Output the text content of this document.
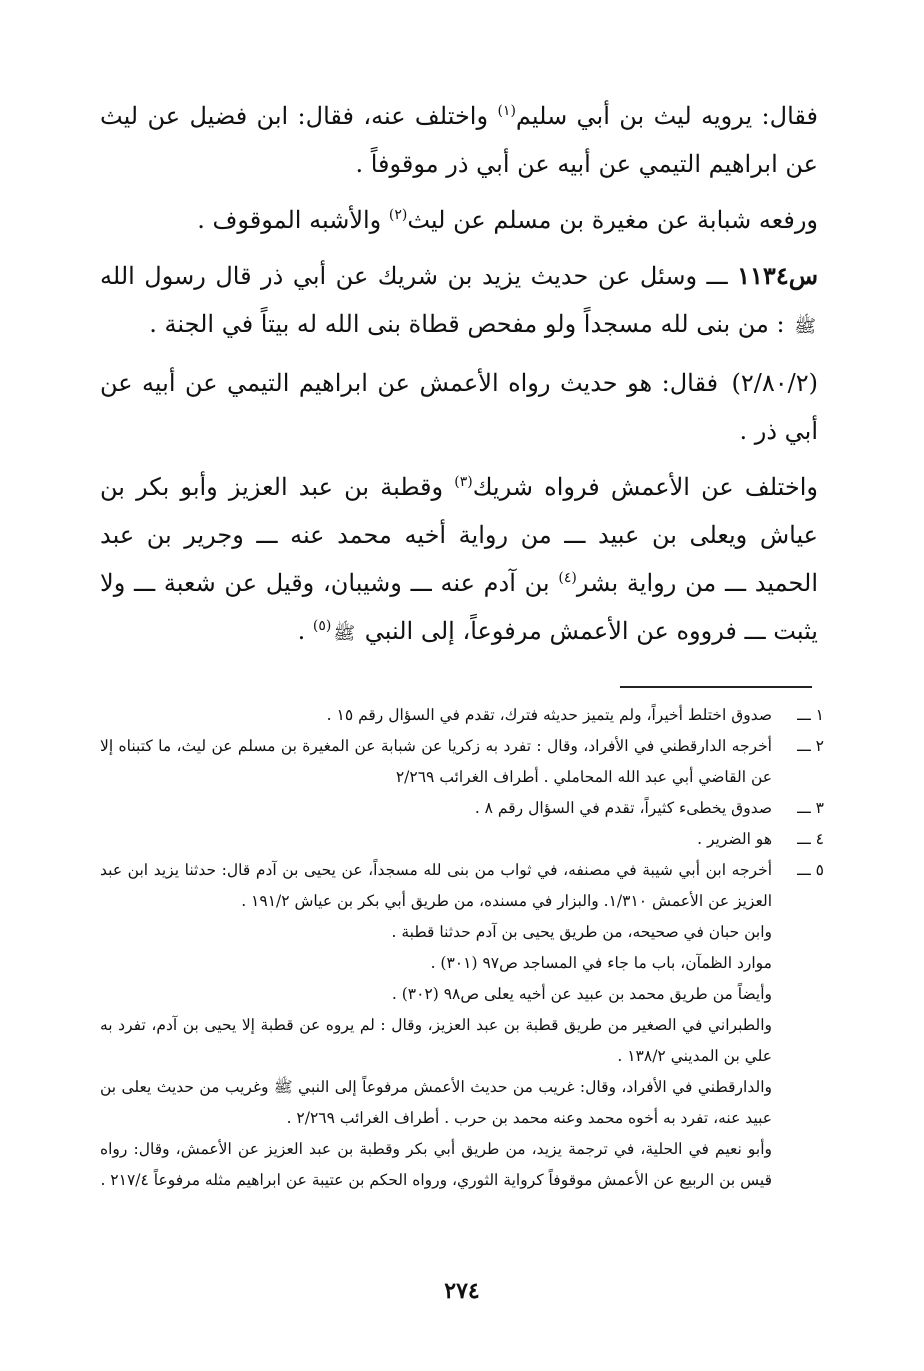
فقال: يرويه ليث بن أبي سليم$^{(١)}$ واختلف عنه، فقال: ابن فضيل عن ليث عن ابراهيم التيمي عن أبيه عن أبي ذر موقوفاً .

ورفعه شبابة عن مغيرة بن مسلم عن ليث$^{(٢)}$ والأشبه الموقوف .

س١١٣٤ ـــ وسئل عن حديث يزيد بن شريك عن أبي ذر قال رسول الله ﷺ : من بنى لله مسجداً ولو مفحص قطاة بنى الله له بيتاً في الجنة .

(٢/٨٠/٢) فقال: هو حديث رواه الأعمش عن ابراهيم التيمي عن أبيه عن أبي ذر .

واختلف عن الأعمش فرواه شريك$^{(٣)}$ وقطبة بن عبد العزيز وأبو بكر بن عياش ويعلى بن عبيد ـــ من رواية أخيه محمد عنه ـــ وجرير بن عبد الحميد ـــ من رواية بشر$^{(٤)}$ بن آدم عنه ـــ وشيبان، وقيل عن شعبة ـــ ولا يثبت ـــ فرووه عن الأعمش مرفوعاً، إلى النبي ﷺ$^{(٥)}$ .

١ ـــ
صدوق اختلط أخيراً، ولم يتميز حديثه فترك، تقدم في السؤال رقم ١٥ .
٢ ـــ
أخرجه الدارقطني في الأفراد، وقال : تفرد به زكريا عن شبابة عن المغيرة بن مسلم عن ليث، ما كتبناه إلا عن القاضي أبي عبد الله المحاملي . أطراف الغرائب ٢/٢٦٩
٣ ـــ
صدوق يخطىء كثيراً، تقدم في السؤال رقم ٨ .
٤ ـــ
هو الضرير .
٥ ـــ
أخرجه ابن أبي شيبة في مصنفه، في ثواب من بنى لله مسجداً، عن يحيى بن آدم قال: حدثنا يزيد ابن عبد العزيز عن الأعمش ١/٣١٠. والبزار في مسنده، من طريق أبي بكر بن عياش ١٩١/٢ .
وابن حبان في صحيحه، من طريق يحيى بن آدم حدثنا قطبة .
موارد الظمآن، باب ما جاء في المساجد ص٩٧ (٣٠١) .
وأيضاً من طريق محمد بن عبيد عن أخيه يعلى ص٩٨ (٣٠٢) .
والطبراني في الصغير من طريق قطبة بن عبد العزيز، وقال : لم يروه عن قطبة إلا يحيى بن آدم، تفرد به علي بن المديني ١٣٨/٢ .
والدارقطني في الأفراد، وقال: غريب من حديث الأعمش مرفوعاً إلى النبي ﷺ وغريب من حديث يعلى بن عبيد عنه، تفرد به أخوه محمد وعنه محمد بن حرب . أطراف الغرائب ٢/٢٦٩ .
وأبو نعيم في الحلية، في ترجمة يزيد، من طريق أبي بكر وقطبة بن عبد العزيز عن الأعمش، وقال: رواه قيس بن الربيع عن الأعمش موقوفاً كرواية الثوري، ورواه الحكم بن عتيبة عن ابراهيم مثله مرفوعاً ٢١٧/٤ .
٢٧٤
